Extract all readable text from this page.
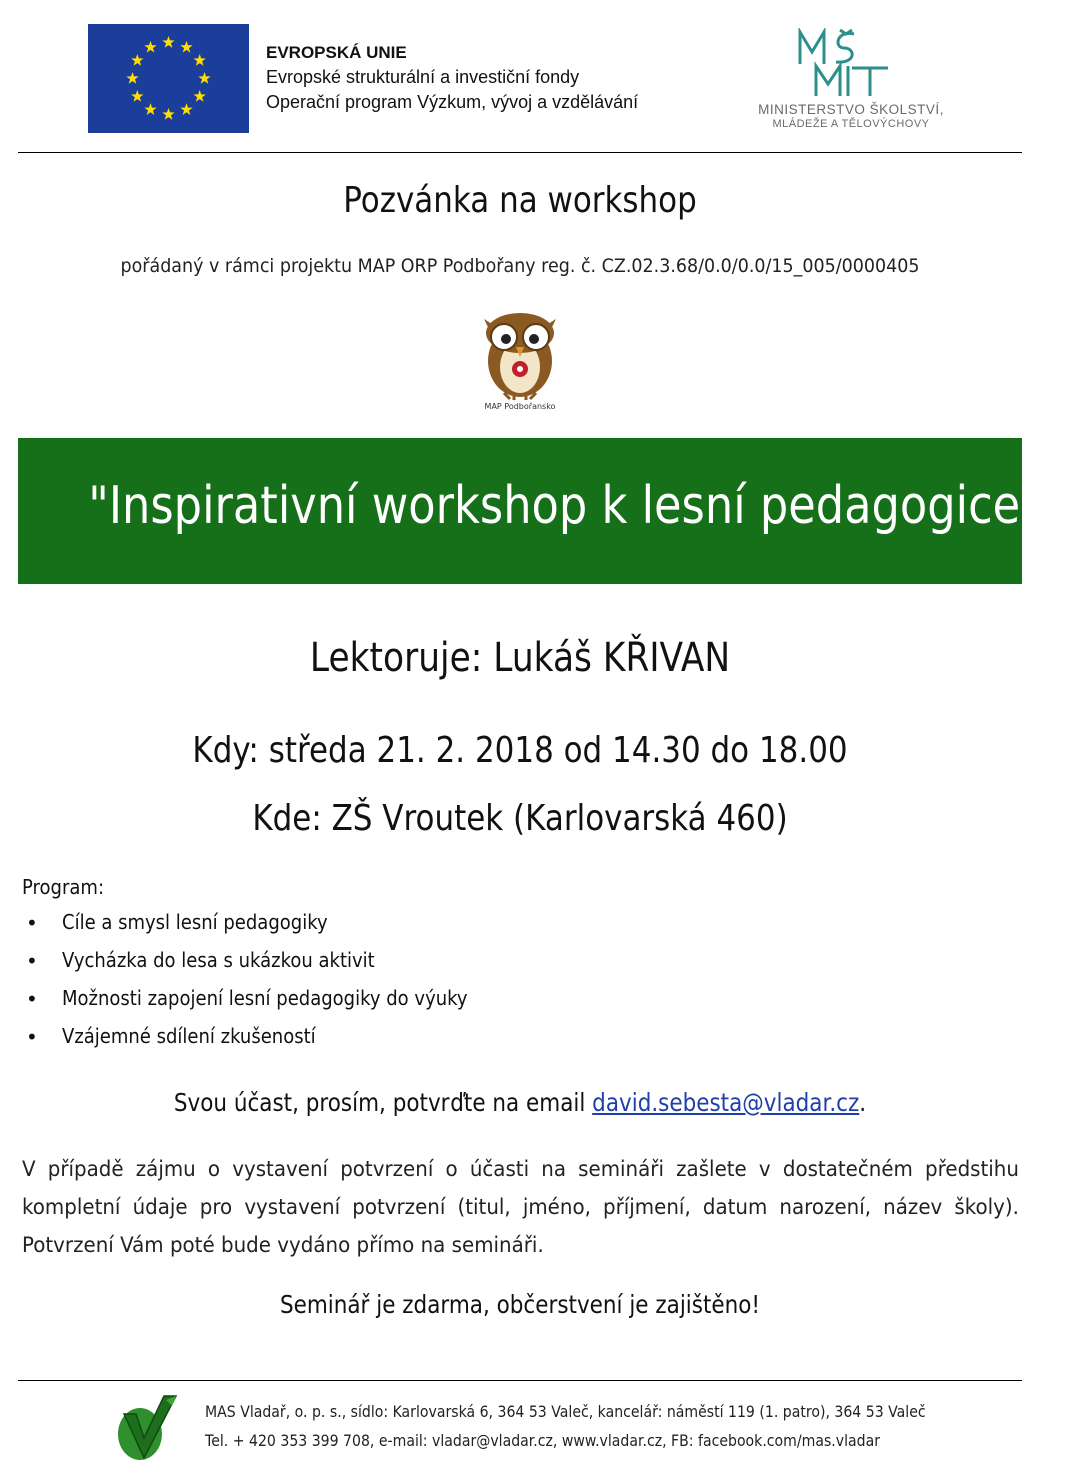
EVROPSKÁ UNIE
Evropské strukturální a investiční fondy
Operační program Výzkum, vývoj a vzdělávání	MINISTERSTVO ŠKOLSTVÍ,
MLÁDEŽE A TĚLOVÝCHOVY
Pozvánka na workshop
pořádaný v rámci projektu MAP ORP Podbořany reg. č. CZ.02.3.68/0.0/0.0/15_005/0000405
MAP Podbořansko
"Inspirativní workshop k lesní pedagogice“
Lektoruje: Lukáš KŘIVAN
Kdy: středa 21. 2. 2018 od 14.30 do 18.00
Kde: ZŠ Vroutek (Karlovarská 460)
Program:
• Cíle a smysl lesní pedagogiky
• Vycházka do lesa s ukázkou aktivit
• Možnosti zapojení lesní pedagogiky do výuky
• Vzájemné sdílení zkušeností
Svou účast, prosím, potvrďte na email david.sebesta@vladar.cz.
V případě zájmu o vystavení potvrzení o účasti na semináři zašlete v dostatečném předstihu kompletní údaje pro vystavení potvrzení (titul, jméno, příjmení, datum narození, název školy). Potvrzení Vám poté bude vydáno přímo na semináři.
Seminář je zdarma, občerstvení je zajištěno!
MAS Vladař, o. p. s., sídlo: Karlovarská 6, 364 53 Valeč, kancelář: náměstí 119 (1. patro), 364 53 Valeč
Tel. + 420 353 399 708, e-mail: vladar@vladar.cz, www.vladar.cz, FB: facebook.com/mas.vladar
